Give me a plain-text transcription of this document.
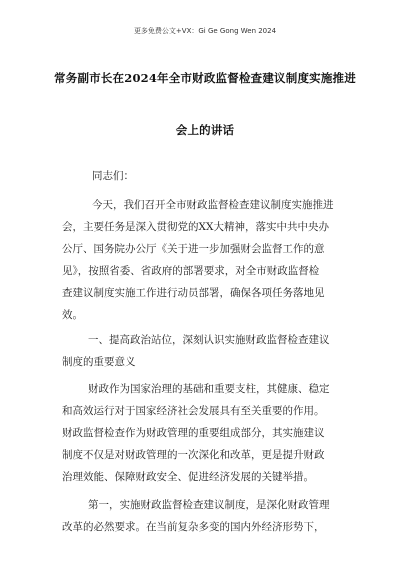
更多免费公文+VX：Gi Ge Gong Wen 2024
常务副市长在2024年全市财政监督检查建议制度实施推进
会上的讲话
同志们：
今天，我们召开全市财政监督检查建议制度实施推进
会，主要任务是深入贯彻党的XX大精神，落实中共中央办
公厅、国务院办公厅《关于进一步加强财会监督工作的意
见》，按照省委、省政府的部署要求，对全市财政监督检
查建议制度实施工作进行动员部署，确保各项任务落地见
效。
一、提高政治站位，深刻认识实施财政监督检查建议
制度的重要意义
财政作为国家治理的基础和重要支柱，其健康、稳定
和高效运行对于国家经济社会发展具有至关重要的作用。
财政监督检查作为财政管理的重要组成部分，其实施建议
制度不仅是对财政管理的一次深化和改革，更是提升财政
治理效能、保障财政安全、促进经济发展的关键举措。
第一，实施财政监督检查建议制度，是深化财政管理
改革的必然要求。在当前复杂多变的国内外经济形势下，
